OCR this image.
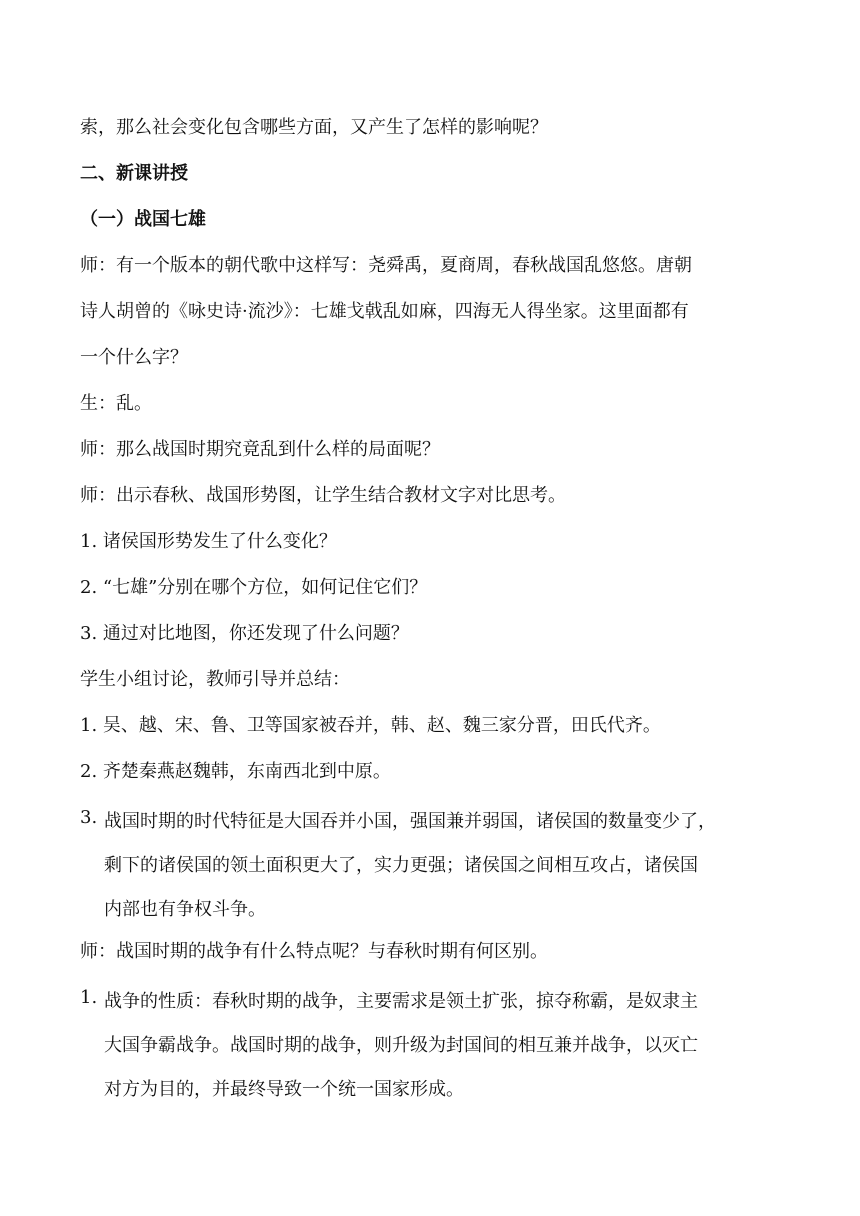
索，那么社会变化包含哪些方面，又产生了怎样的影响呢？
二、新课讲授
（一）战国七雄
师：有一个版本的朝代歌中这样写：尧舜禹，夏商周，春秋战国乱悠悠。唐朝
诗人胡曾的《咏史诗·流沙》：七雄戈戟乱如麻，四海无人得坐家。这里面都有
一个什么字？
生：乱。
师：那么战国时期究竟乱到什么样的局面呢？
师：出示春秋、战国形势图，让学生结合教材文字对比思考。
1. 诸侯国形势发生了什么变化？
2. “七雄”分别在哪个方位，如何记住它们？
3. 通过对比地图，你还发现了什么问题？
学生小组讨论，教师引导并总结：
1. 吴、越、宋、鲁、卫等国家被吞并，韩、赵、魏三家分晋，田氏代齐。
2. 齐楚秦燕赵魏韩，东南西北到中原。
3. 战国时期的时代特征是大国吞并小国，强国兼并弱国，诸侯国的数量变少了，
剩下的诸侯国的领土面积更大了，实力更强；诸侯国之间相互攻占，诸侯国
内部也有争权斗争。
师：战国时期的战争有什么特点呢？与春秋时期有何区别。
1. 战争的性质：春秋时期的战争，主要需求是领土扩张，掠夺称霸，是奴隶主
大国争霸战争。战国时期的战争，则升级为封国间的相互兼并战争，以灭亡
对方为目的，并最终导致一个统一国家形成。
